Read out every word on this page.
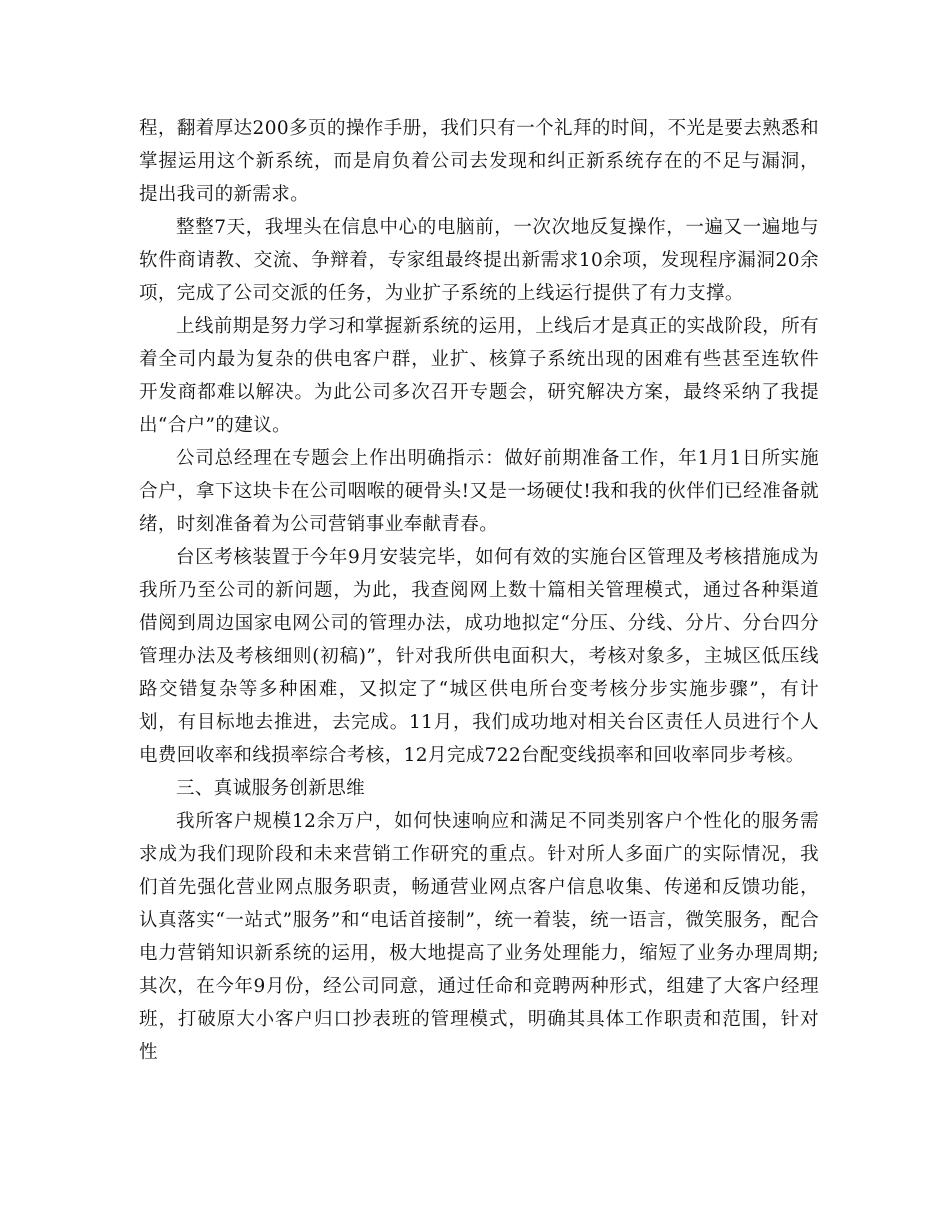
程，翻着厚达200多页的操作手册，我们只有一个礼拜的时间，不光是要去熟悉和掌握运用这个新系统，而是肩负着公司去发现和纠正新系统存在的不足与漏洞，提出我司的新需求。

整整7天，我埋头在信息中心的电脑前，一次次地反复操作，一遍又一遍地与软件商请教、交流、争辩着，专家组最终提出新需求10余项，发现程序漏洞20余项，完成了公司交派的任务，为业扩子系统的上线运行提供了有力支撑。

上线前期是努力学习和掌握新系统的运用，上线后才是真正的实战阶段，所有着全司内最为复杂的供电客户群，业扩、核算子系统出现的困难有些甚至连软件开发商都难以解决。为此公司多次召开专题会，研究解决方案，最终采纳了我提出“合户”的建议。

公司总经理在专题会上作出明确指示：做好前期准备工作，年1月1日所实施合户，拿下这块卡在公司咽喉的硬骨头!又是一场硬仗!我和我的伙伴们已经准备就绪，时刻准备着为公司营销事业奉献青春。

台区考核装置于今年9月安装完毕，如何有效的实施台区管理及考核措施成为我所乃至公司的新问题，为此，我查阅网上数十篇相关管理模式，通过各种渠道借阅到周边国家电网公司的管理办法，成功地拟定“分压、分线、分片、分台四分管理办法及考核细则(初稿)”，针对我所供电面积大，考核对象多，主城区低压线路交错复杂等多种困难，又拟定了“城区供电所台变考核分步实施步骤”，有计划，有目标地去推进，去完成。11月，我们成功地对相关台区责任人员进行个人电费回收率和线损率综合考核，12月完成722台配变线损率和回收率同步考核。

三、真诚服务创新思维

我所客户规模12余万户，如何快速响应和满足不同类别客户个性化的服务需求成为我们现阶段和未来营销工作研究的重点。针对所人多面广的实际情况，我们首先强化营业网点服务职责，畅通营业网点客户信息收集、传递和反馈功能，认真落实“一站式”服务”和“电话首接制”，统一着装，统一语言，微笑服务，配合电力营销知识新系统的运用，极大地提高了业务处理能力，缩短了业务办理周期;其次，在今年9月份，经公司同意，通过任命和竞聘两种形式，组建了大客户经理班，打破原大小客户归口抄表班的管理模式，明确其具体工作职责和范围，针对性
